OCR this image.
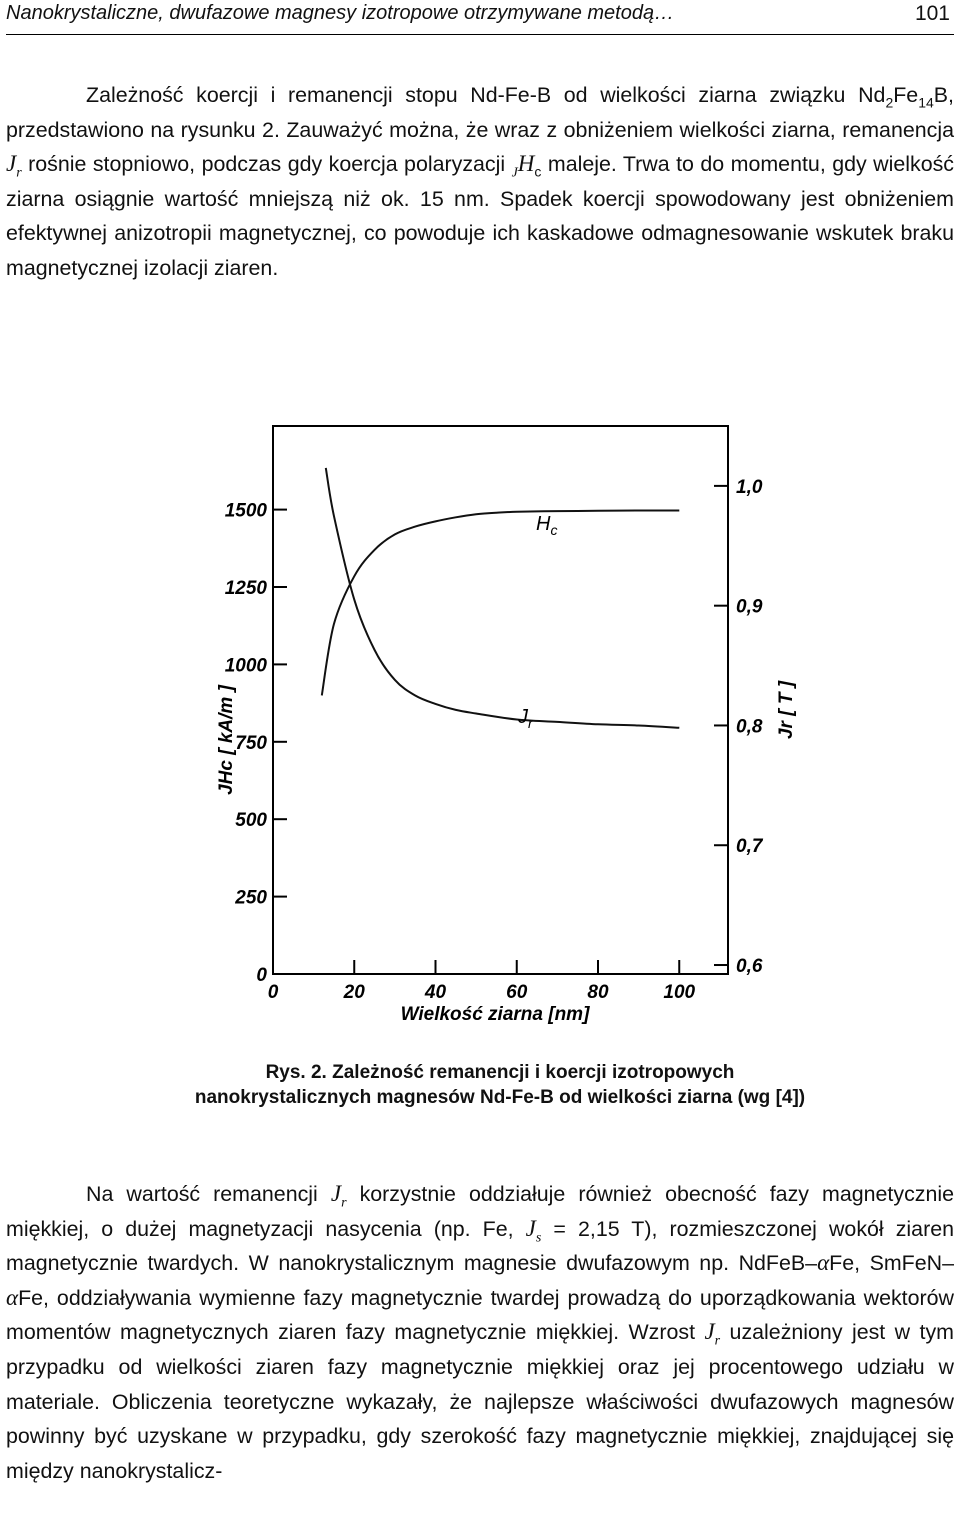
Nanokrystaliczne, dwufazowe magnesy izotropowe otrzymywane metodą…	101

Zależność koercji i remanencji stopu Nd-Fe-B od wielkości ziarna związku $Nd_2Fe_{14}B$, przedstawiono na rysunku 2. Zauważyć można, że wraz z obniżeniem wielkości ziarna, remanencja $J_r$ rośnie stopniowo, podczas gdy koercja polaryzacji $_JH_c$ maleje. Trwa to do momentu, gdy wielkość ziarna osiągnie wartość mniejszą niż ok. 15 nm. Spadek koercji spowodowany jest obniżeniem efektywnej anizotropii magnetycznej, co powoduje ich kaskadowe odmagnesowanie wskutek braku magnetycznej izolacji ziaren.

0
250
500
750
1000
1250
1500
0,6
0,7
0,8
0,9
1,0
0	20	40	60	80	100
JHc [ kA/m ]	Jr [ T ]
Wielkość ziarna [nm]
$H_c$
$J_r$
Rys. 2. Zależność remanencji i koercji izotropowych nanokrystalicznych magnesów Nd-Fe-B od wielkości ziarna (wg [4])

Na wartość remanencji $J_r$ korzystnie oddziałuje również obecność fazy magnetycznie miękkiej, o dużej magnetyzacji nasycenia (np. Fe, $J_s = 2,15$ T), rozmieszczonej wokół ziaren magnetycznie twardych. W nanokrystalicznym magnesie dwufazowym np. NdFeB–αFe, SmFeN–αFe, oddziaływania wymienne fazy magnetycznie twardej prowadzą do uporządkowania wektorów momentów magnetycznych ziaren fazy magnetycznie miękkiej. Wzrost $J_r$ uzależniony jest w tym przypadku od wielkości ziaren fazy magnetycznie miękkiej oraz jej procentowego udziału w materiale. Obliczenia teoretyczne wykazały, że najlepsze właściwości dwufazowych magnesów powinny być uzyskane w przypadku, gdy szerokość fazy magnetycznie miękkiej, znajdującej się między nanokrystalicz-
